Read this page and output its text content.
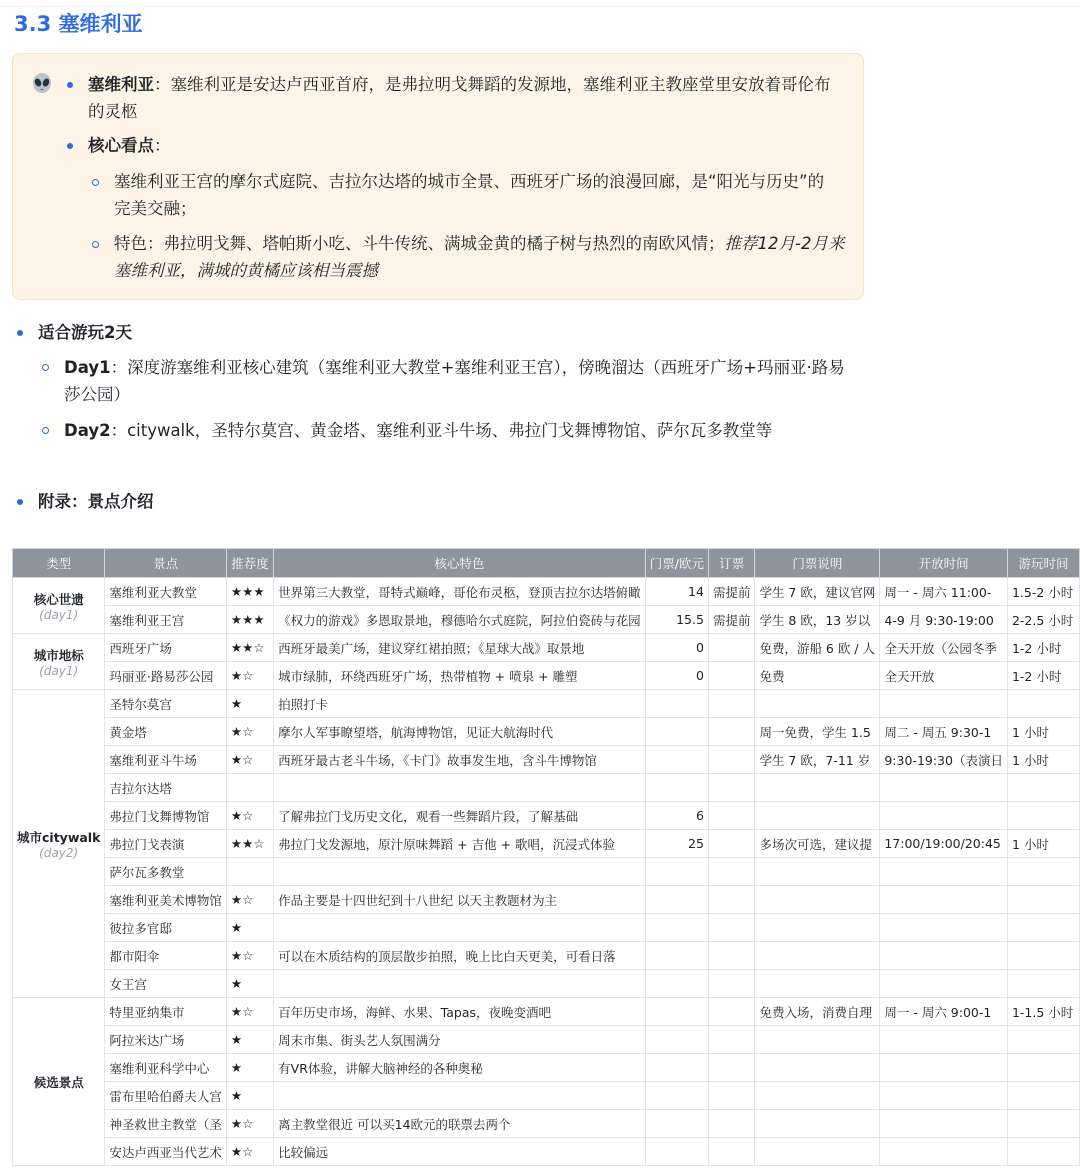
3.3 塞维利亚
塞维利亚：塞维利亚是安达卢西亚首府，是弗拉明戈舞蹈的发源地，塞维利亚主教座堂里安放着哥伦布
的灵柩
核心看点：
塞维利亚王宫的摩尔式庭院、吉拉尔达塔的城市全景、西班牙广场的浪漫回廊，是“阳光与历史”的
完美交融；
特色：弗拉明戈舞、塔帕斯小吃、斗牛传统、满城金黄的橘子树与热烈的南欧风情；推荐12月-2月来
塞维利亚，满城的黄橘应该相当震撼
适合游玩2天
Day1：深度游塞维利亚核心建筑（塞维利亚大教堂+塞维利亚王宫），傍晚溜达（西班牙广场+玛丽亚·路易
莎公园）
Day2：citywalk，圣特尔莫宫、黄金塔、塞维利亚斗牛场、弗拉门戈舞博物馆、萨尔瓦多教堂等
附录：景点介绍
类型	景点	推荐度	核心特色	门票/欧元	订票	门票说明	开放时间	游玩时间

核心世遗
(day1)	塞维利亚大教堂	★★★	世界第三大教堂，哥特式巅峰，哥伦布灵柩，登顶吉拉尔达塔俯瞰	14	需提前	学生 7 欧，建议官网	周一 - 周六 11:00-	1.5-2 小时
	塞维利亚王宫	★★★	《权力的游戏》多恩取景地，穆德哈尔式庭院，阿拉伯瓷砖与花园	15.5	需提前	学生 8 欧，13 岁以	4-9 月 9:30-19:00	2-2.5 小时

城市地标
(day1)	西班牙广场	★★☆	西班牙最美广场，建议穿红裙拍照；《星球大战》取景地	0		免费，游船 6 欧 / 人	全天开放（公园冬季	1-2 小时
	玛丽亚·路易莎公园	★☆	城市绿肺，环绕西班牙广场，热带植物 + 喷泉 + 雕塑	0		免费	全天开放	1-2 小时

城市citywalk
(day2)	圣特尔莫宫	★	拍照打卡					
	黄金塔	★☆	摩尔人军事瞭望塔，航海博物馆，见证大航海时代			周一免费，学生 1.5	周二 - 周五 9:30-1	1 小时
	塞维利亚斗牛场	★☆	西班牙最古老斗牛场，《卡门》故事发生地，含斗牛博物馆			学生 7 欧，7-11 岁	9:30-19:30（表演日	1 小时
	吉拉尔达塔							
	弗拉门戈舞博物馆	★☆	了解弗拉门戈历史文化，观看一些舞蹈片段，了解基础	6				
	弗拉门戈表演	★★☆	弗拉门戈发源地，原汁原味舞蹈 + 吉他 + 歌唱，沉浸式体验	25		多场次可选，建议提	17:00/19:00/20:45	1 小时
	萨尔瓦多教堂							
	塞维利亚美术博物馆	★☆	作品主要是十四世纪到十八世纪 以天主教题材为主					
	彼拉多官邸	★						
	都市阳伞	★☆	可以在木质结构的顶层散步拍照，晚上比白天更美，可看日落					
	女王宫	★						

候选景点	特里亚纳集市	★☆	百年历史市场，海鲜、水果、Tapas，夜晚变酒吧			免费入场，消费自理	周一 - 周六 9:00-1	1-1.5 小时
	阿拉米达广场	★	周末市集、街头艺人氛围满分					
	塞维利亚科学中心	★	有VR体验，讲解大脑神经的各种奥秘					
	雷布里哈伯爵夫人宫	★						
	神圣救世主教堂（圣	★☆	离主教堂很近 可以买14欧元的联票去两个					
	安达卢西亚当代艺术	★☆	比较偏远					
